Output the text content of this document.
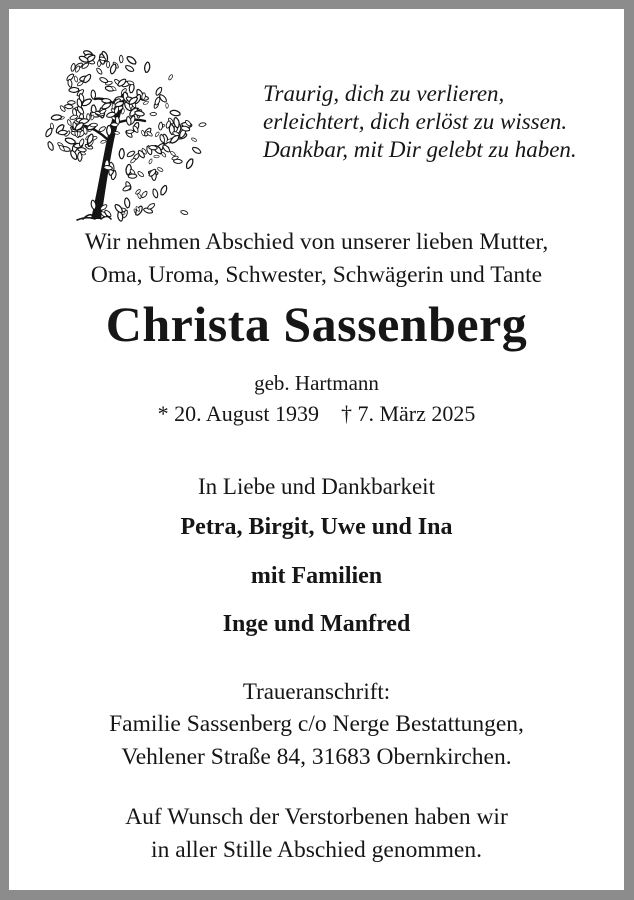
Traurig, dich zu verlieren,
erleichtert, dich erlöst zu wissen.
Dankbar, mit Dir gelebt zu haben.
Wir nehmen Abschied von unserer lieben Mutter,
Oma, Uroma, Schwester, Schwägerin und Tante
Christa Sassenberg
geb. Hartmann
* 20. August 1939 † 7. März 2025
In Liebe und Dankbarkeit
Petra, Birgit, Uwe und Ina
mit Familien
Inge und Manfred
Traueranschrift:
Familie Sassenberg c/o Nerge Bestattungen,
Vehlener Straße 84, 31683 Obernkirchen.
Auf Wunsch der Verstorbenen haben wir
in aller Stille Abschied genommen.
